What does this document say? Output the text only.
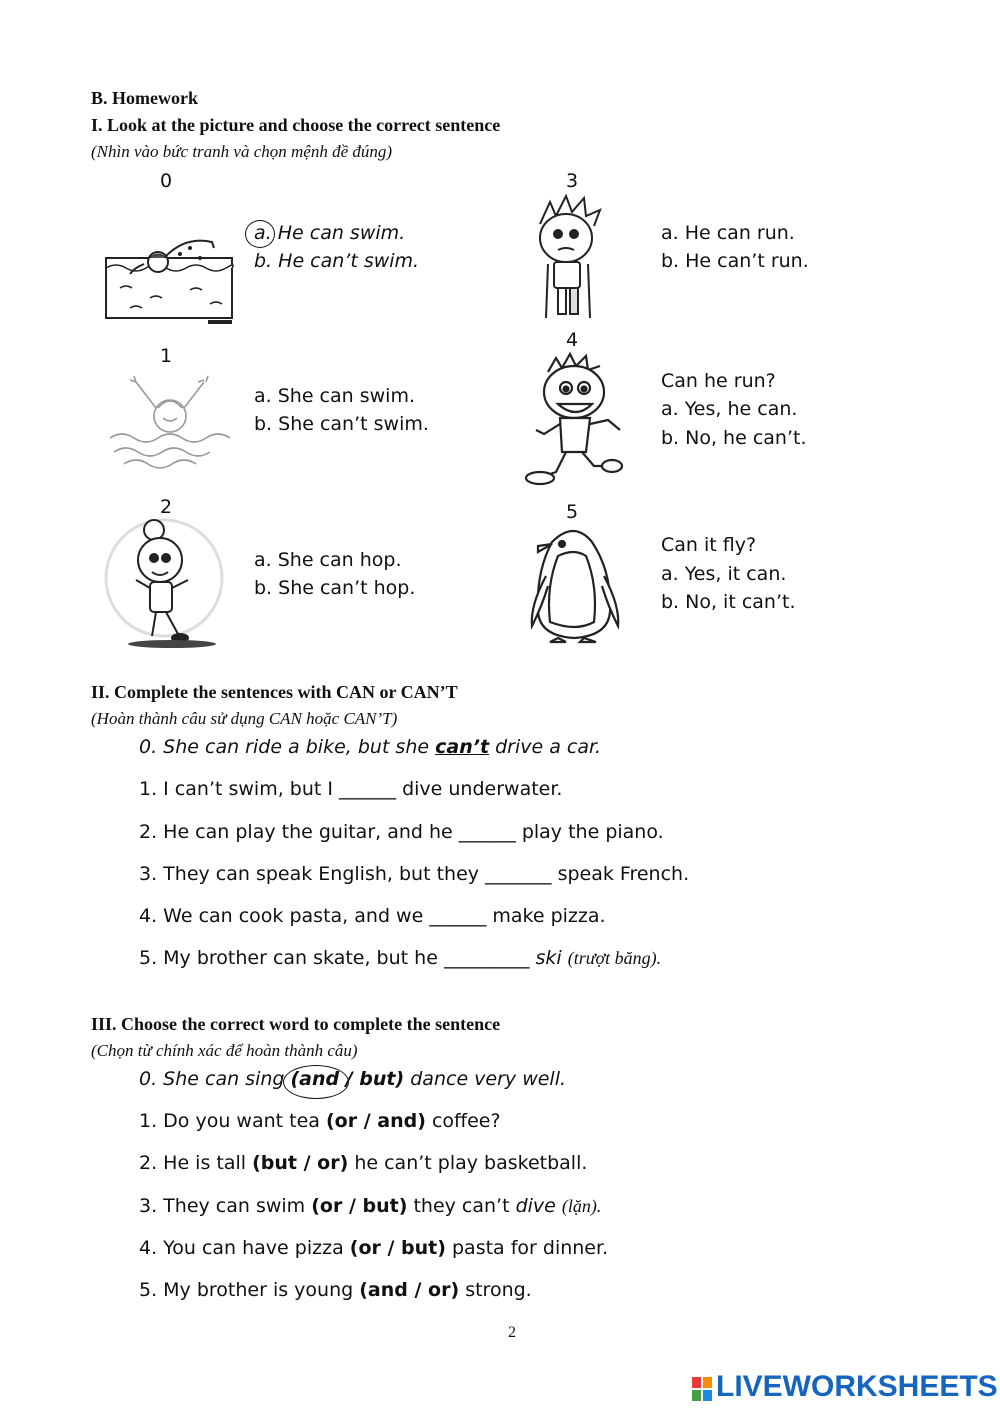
B. Homework
I. Look at the picture and choose the correct sentence
(Nhìn vào bức tranh và chọn mệnh đề đúng)
0
a. He can swim.
b. He can’t swim.
1
a. She can swim.
b. She can’t swim.
2
a. She can hop.
b. She can’t hop.
3
a. He can run.
b. He can’t run.
4
Can he run?
a. Yes, he can.
b. No, he can’t.
5
Can it fly?
a. Yes, it can.
b. No, it can’t.
II. Complete the sentences with CAN or CAN’T
(Hoàn thành câu sử dụng CAN hoặc CAN’T)
0. She can ride a bike, but she can’t drive a car.
1. I can’t swim, but I ______ dive underwater.
2. He can play the guitar, and he ______ play the piano.
3. They can speak English, but they _______ speak French.
4. We can cook pasta, and we ______ make pizza.
5. My brother can skate, but he _________ ski (trượt băng).
III. Choose the correct word to complete the sentence
(Chọn từ chính xác để hoàn thành câu)
0. She can sing (and / but) dance very well.
1. Do you want tea (or / and) coffee?
2. He is tall (but / or) he can’t play basketball.
3. They can swim (or / but) they can’t dive (lặn).
4. You can have pizza (or / but) pasta for dinner.
5. My brother is young (and / or) strong.
2
LIVEWORKSHEETS
